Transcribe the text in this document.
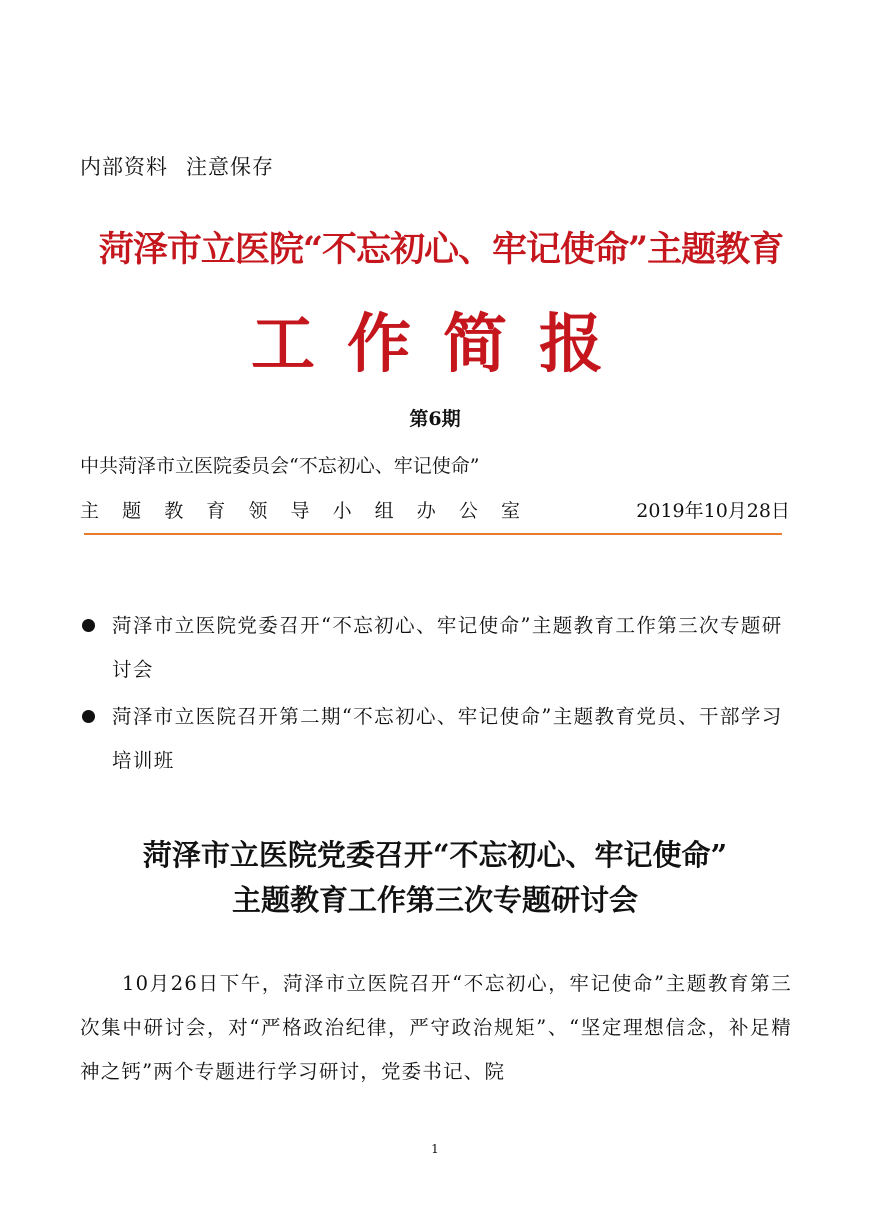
内部资料 注意保存
菏泽市立医院“不忘初心、牢记使命”主题教育
工作简报
第6期
中共菏泽市立医院委员会“不忘初心、牢记使命”
主 题 教 育 领 导 小 组 办 公 室	2019年10月28日
菏泽市立医院党委召开“不忘初心、牢记使命”主题教育工作第三次专题研讨会
菏泽市立医院召开第二期“不忘初心、牢记使命”主题教育党员、干部学习培训班
菏泽市立医院党委召开“不忘初心、牢记使命”
主题教育工作第三次专题研讨会

10月26日下午，菏泽市立医院召开“不忘初心，牢记使命”主题教育第三次集中研讨会，对“严格政治纪律，严守政治规矩”、“坚定理想信念，补足精神之钙”两个专题进行学习研讨，党委书记、院

1
